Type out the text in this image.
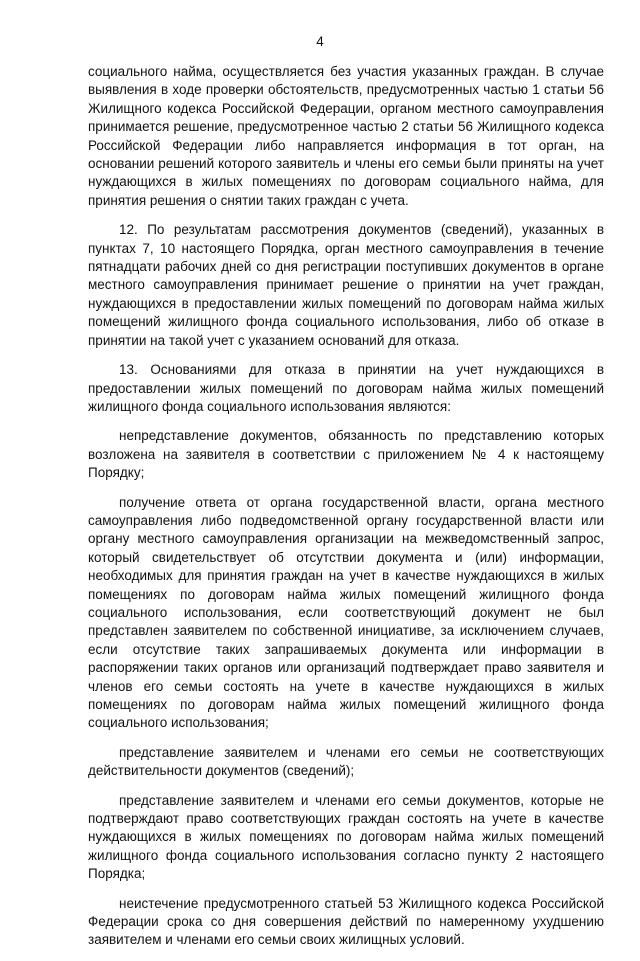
4

социального найма, осуществляется без участия указанных граждан. В случае выявления в ходе проверки обстоятельств, предусмотренных частью 1 статьи 56 Жилищного кодекса Российской Федерации, органом местного самоуправления принимается решение, предусмотренное частью 2 статьи 56 Жилищного кодекса Российской Федерации либо направляется информация в тот орган, на основании решений которого заявитель и члены его семьи были приняты на учет нуждающихся в жилых помещениях по договорам социального найма, для принятия решения о снятии таких граждан с учета.

12. По результатам рассмотрения документов (сведений), указанных в пунктах 7, 10 настоящего Порядка, орган местного самоуправления в течение пятнадцати рабочих дней со дня регистрации поступивших документов в органе местного самоуправления принимает решение о принятии на учет граждан, нуждающихся в предоставлении жилых помещений по договорам найма жилых помещений жилищного фонда социального использования, либо об отказе в принятии на такой учет с указанием оснований для отказа.

13. Основаниями для отказа в принятии на учет нуждающихся в предоставлении жилых помещений по договорам найма жилых помещений жилищного фонда социального использования являются:

непредставление документов, обязанность по представлению которых возложена на заявителя в соответствии с приложением № 4 к настоящему Порядку;

получение ответа от органа государственной власти, органа местного самоуправления либо подведомственной органу государственной власти или органу местного самоуправления организации на межведомственный запрос, который свидетельствует об отсутствии документа и (или) информации, необходимых для принятия граждан на учет в качестве нуждающихся в жилых помещениях по договорам найма жилых помещений жилищного фонда социального использования, если соответствующий документ не был представлен заявителем по собственной инициативе, за исключением случаев, если отсутствие таких запрашиваемых документа или информации в распоряжении таких органов или организаций подтверждает право заявителя и членов его семьи состоять на учете в качестве нуждающихся в жилых помещениях по договорам найма жилых помещений жилищного фонда социального использования;

представление заявителем и членами его семьи не соответствующих действительности документов (сведений);

представление заявителем и членами его семьи документов, которые не подтверждают право соответствующих граждан состоять на учете в качестве нуждающихся в жилых помещениях по договорам найма жилых помещений жилищного фонда социального использования согласно пункту 2 настоящего Порядка;

неистечение предусмотренного статьей 53 Жилищного кодекса Российской Федерации срока со дня совершения действий по намеренному ухудшению заявителем и членами его семьи своих жилищных условий.
